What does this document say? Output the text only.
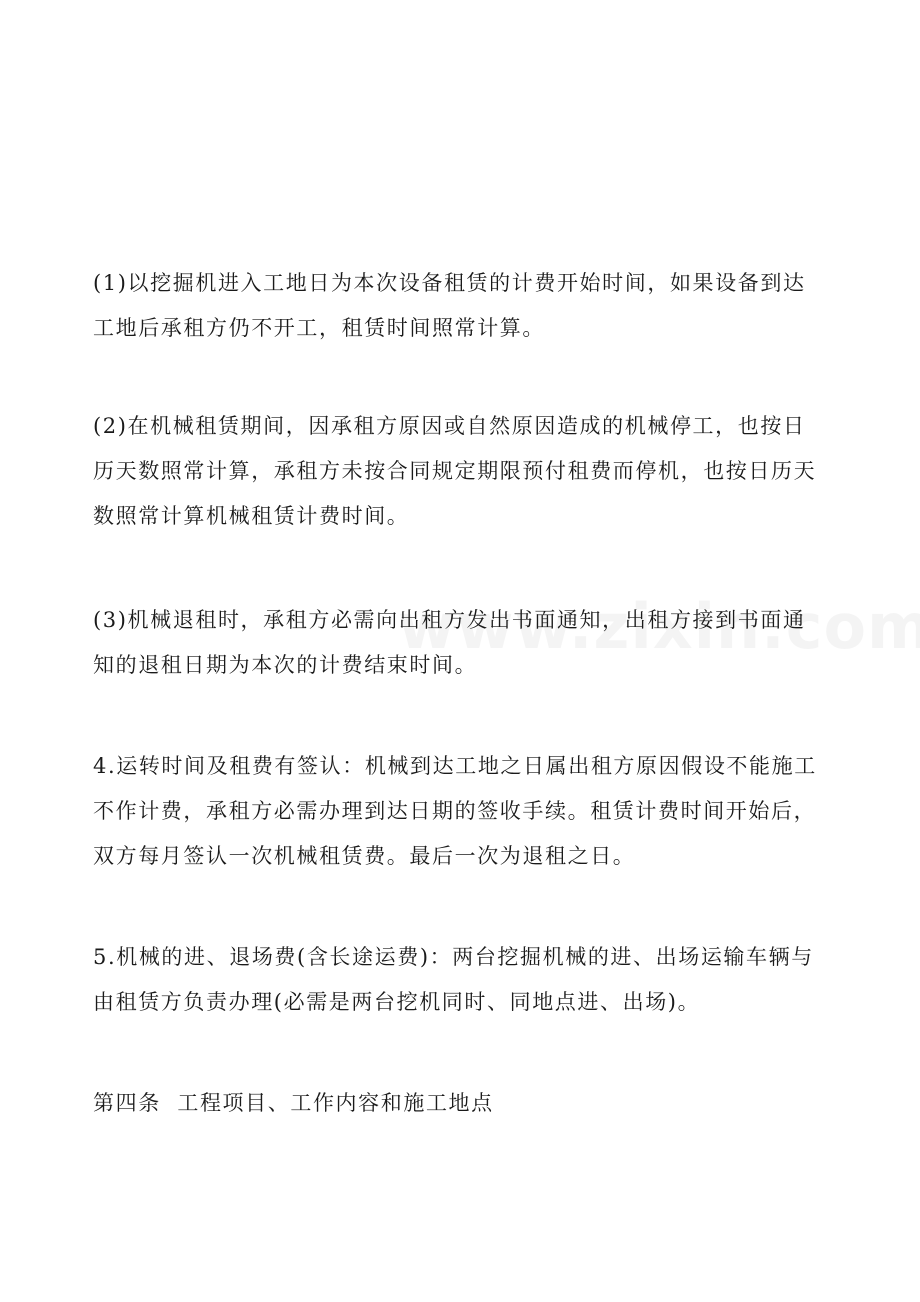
(1)以挖掘机进入工地日为本次设备租赁的计费开始时间，如果设备到达
工地后承租方仍不开工，租赁时间照常计算。
(2)在机械租赁期间，因承租方原因或自然原因造成的机械停工，也按日
历天数照常计算，承租方未按合同规定期限预付租费而停机，也按日历天
数照常计算机械租赁计费时间。
(3)机械退租时，承租方必需向出租方发出书面通知，出租方接到书面通
知的退租日期为本次的计费结束时间。
4.运转时间及租费有签认：机械到达工地之日属出租方原因假设不能施工
不作计费，承租方必需办理到达日期的签收手续。租赁计费时间开始后，
双方每月签认一次机械租赁费。最后一次为退租之日。
5.机械的进、退场费(含长途运费)：两台挖掘机械的进、出场运输车辆与
由租赁方负责办理(必需是两台挖机同时、同地点进、出场)。
第四条  工程项目、工作内容和施工地点
